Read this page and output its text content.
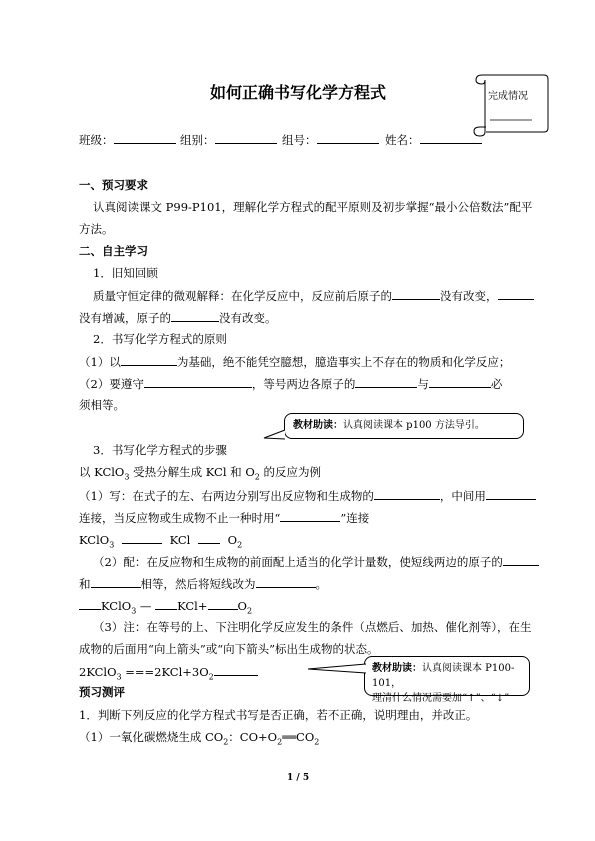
如何正确书写化学方程式	完成情况
班级：	组别：	组号：	姓名：
一、预习要求
认真阅读课文 P99-P101，理解化学方程式的配平原则及初步掌握“最小公倍数法”配平
方法。
二、自主学习
1．旧知回顾
质量守恒定律的微观解释：在化学反应中，反应前后原子的	没有改变，
没有增减，原子的	没有改变。
2．书写化学方程式的原则
（1）以	为基础，绝不能凭空臆想，臆造事实上不存在的物质和化学反应；
（2）要遵守	，等号两边各原子的	与	必
须相等。
教材助读：认真阅读课本 p100 方法导引。
3．书写化学方程式的步骤
以 KClO$_3$ 受热分解生成 KCl 和 $O_2$ 的反应为例
（1）写：在式子的左、右两边分别写出反应物和生成物的	，中间用
连接，当反应物或生成物不止一种时用“	”连接
KClO$_3$	KCl	$O_2$
（2）配：在反应物和生成物的前面配上适当的化学计量数，使短线两边的原子的
和	相等，然后将短线改为	。
KClO$_3$ — KCl+	$O_2$
（3）注：在等号的上、下注明化学反应发生的条件（点燃后、加热、催化剂等），在生
成物的后面用“向上箭头”或“向下箭头”标出生成物的状态。
2KClO$_3$ $===2KCl+3O_2$
教材助读：认真阅读课本 P100-101，
理清什么情况需要加“↑”、“↓”
预习测评
1．判断下列反应的化学方程式书写是否正确，若不正确，说明理由，并改正。
（1）一氧化碳燃烧生成 $CO_2$：$CO+O_2══CO_2$
1 / 5
